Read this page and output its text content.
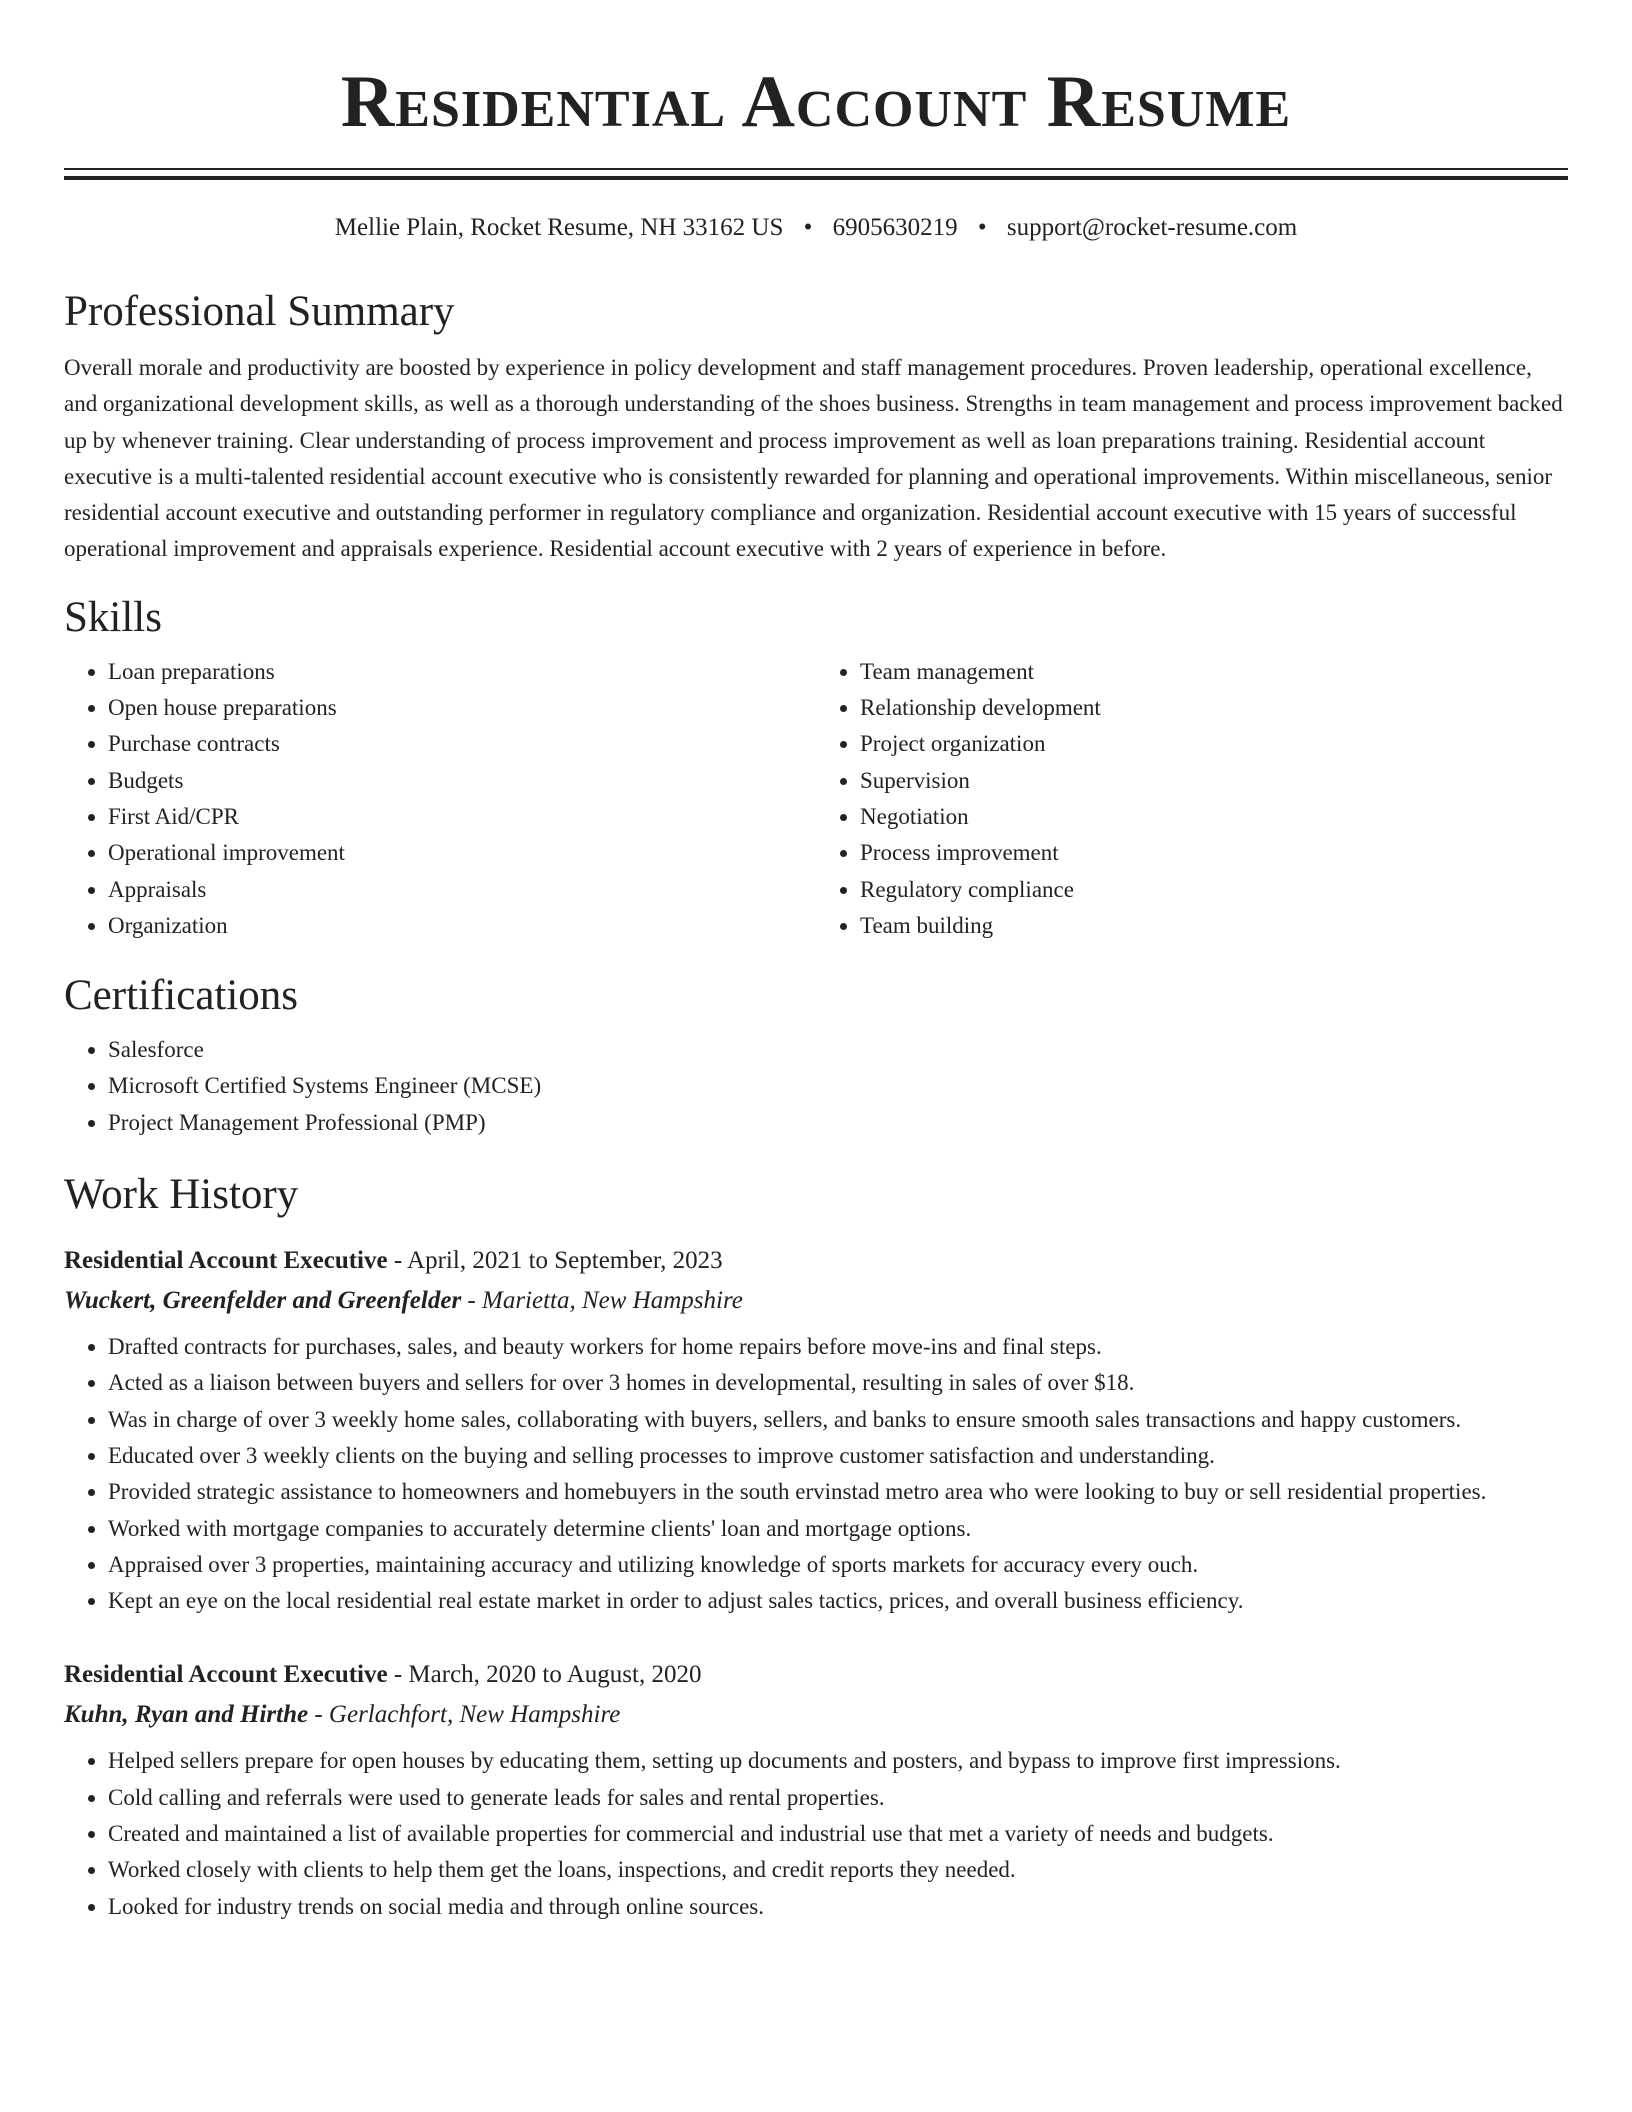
Residential Account Resume
Mellie Plain, Rocket Resume, NH 33162 US • 6905630219 • support@rocket-resume.com
Professional Summary

Overall morale and productivity are boosted by experience in policy development and staff management procedures. Proven leadership, operational excellence, and organizational development skills, as well as a thorough understanding of the shoes business. Strengths in team management and process improvement backed up by whenever training. Clear understanding of process improvement and process improvement as well as loan preparations training. Residential account executive is a multi-talented residential account executive who is consistently rewarded for planning and operational improvements. Within miscellaneous, senior residential account executive and outstanding performer in regulatory compliance and organization. Residential account executive with 15 years of successful operational improvement and appraisals experience. Residential account executive with 2 years of experience in before.

Skills
• Loan preparations
• Open house preparations
• Purchase contracts
• Budgets
• First Aid/CPR
• Operational improvement
• Appraisals
• Organization
• Team management
• Relationship development
• Project organization
• Supervision
• Negotiation
• Process improvement
• Regulatory compliance
• Team building
Certifications
• Salesforce
• Microsoft Certified Systems Engineer (MCSE)
• Project Management Professional (PMP)
Work History
Residential Account Executive - April, 2021 to September, 2023
Wuckert, Greenfelder and Greenfelder - Marietta, New Hampshire
• Drafted contracts for purchases, sales, and beauty workers for home repairs before move-ins and final steps.
• Acted as a liaison between buyers and sellers for over 3 homes in developmental, resulting in sales of over $18.
• Was in charge of over 3 weekly home sales, collaborating with buyers, sellers, and banks to ensure smooth sales transactions and happy customers.
• Educated over 3 weekly clients on the buying and selling processes to improve customer satisfaction and understanding.
• Provided strategic assistance to homeowners and homebuyers in the south ervinstad metro area who were looking to buy or sell residential properties.
• Worked with mortgage companies to accurately determine clients' loan and mortgage options.
• Appraised over 3 properties, maintaining accuracy and utilizing knowledge of sports markets for accuracy every ouch.
• Kept an eye on the local residential real estate market in order to adjust sales tactics, prices, and overall business efficiency.
Residential Account Executive - March, 2020 to August, 2020
Kuhn, Ryan and Hirthe - Gerlachfort, New Hampshire
• Helped sellers prepare for open houses by educating them, setting up documents and posters, and bypass to improve first impressions.
• Cold calling and referrals were used to generate leads for sales and rental properties.
• Created and maintained a list of available properties for commercial and industrial use that met a variety of needs and budgets.
• Worked closely with clients to help them get the loans, inspections, and credit reports they needed.
• Looked for industry trends on social media and through online sources.
